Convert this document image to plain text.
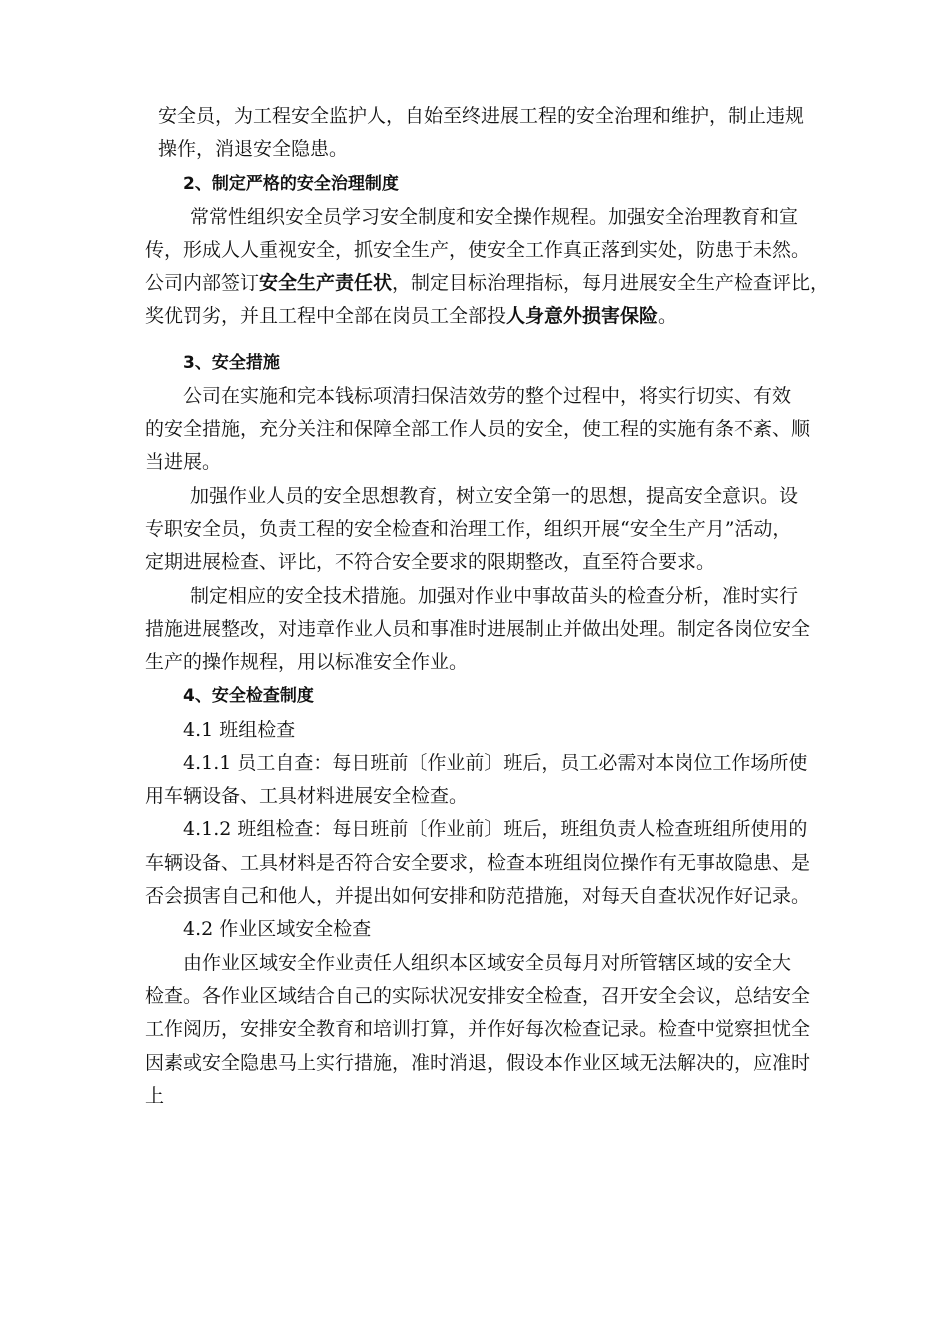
安全员，为工程安全监护人，自始至终进展工程的安全治理和维护，制止违规
操作，消退安全隐患。
2、制定严格的安全治理制度
常常性组织安全员学习安全制度和安全操作规程。加强安全治理教育和宣
传，形成人人重视安全，抓安全生产，使安全工作真正落到实处，防患于未然。
公司内部签订安全生产责任状，制定目标治理指标，每月进展安全生产检查评比，
奖优罚劣，并且工程中全部在岗员工全部投人身意外损害保险。
3、安全措施
公司在实施和完本钱标项清扫保洁效劳的整个过程中，将实行切实、有效
的安全措施，充分关注和保障全部工作人员的安全，使工程的实施有条不紊、顺
当进展。
加强作业人员的安全思想教育，树立安全第一的思想，提高安全意识。设
专职安全员，负责工程的安全检查和治理工作，组织开展“安全生产月”活动，
定期进展检查、评比，不符合安全要求的限期整改，直至符合要求。
制定相应的安全技术措施。加强对作业中事故苗头的检查分析，准时实行
措施进展整改，对违章作业人员和事准时进展制止并做出处理。制定各岗位安全
生产的操作规程，用以标准安全作业。
4、安全检查制度
4.1 班组检查
4.1.1 员工自查：每日班前〔作业前〕班后，员工必需对本岗位工作场所使
用车辆设备、工具材料进展安全检查。
4.1.2 班组检查：每日班前〔作业前〕班后，班组负责人检查班组所使用的
车辆设备、工具材料是否符合安全要求，检查本班组岗位操作有无事故隐患、是
否会损害自己和他人，并提出如何安排和防范措施，对每天自查状况作好记录。
4.2 作业区域安全检查
由作业区域安全作业责任人组织本区域安全员每月对所管辖区域的安全大
检查。各作业区域结合自己的实际状况安排安全检查，召开安全会议，总结安全
工作阅历，安排安全教育和培训打算，并作好每次检查记录。检查中觉察担忧全
因素或安全隐患马上实行措施，准时消退，假设本作业区域无法解决的，应准时
上
